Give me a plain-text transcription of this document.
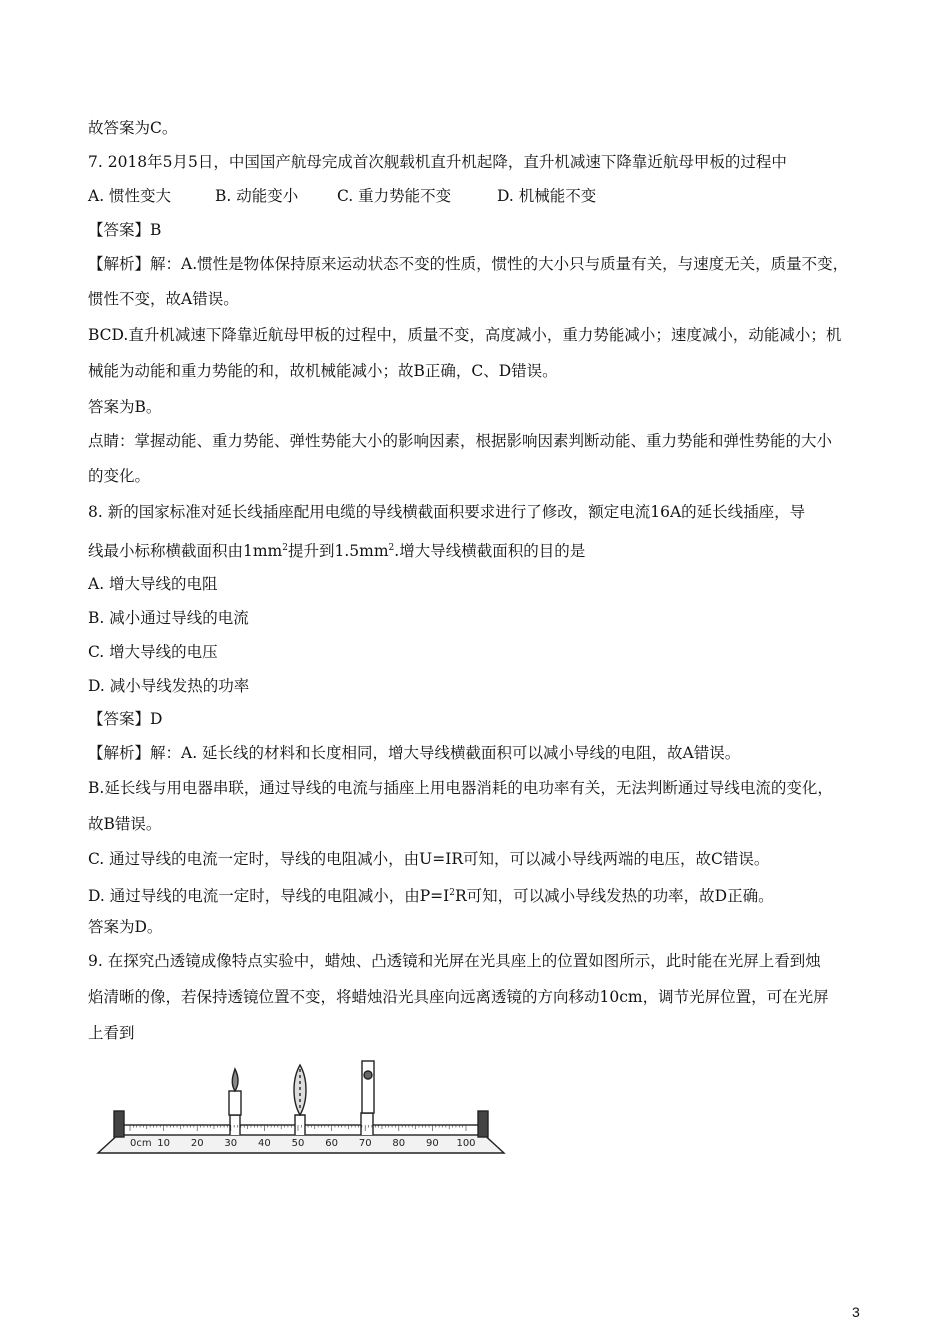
故答案为C。
7. 2018年5月5日，中国国产航母完成首次舰载机直升机起降，直升机减速下降靠近航母甲板的过程中
A. 惯性变大	B. 动能变小	C. 重力势能不变	D. 机械能不变
【答案】B
【解析】解：A.惯性是物体保持原来运动状态不变的性质，惯性的大小只与质量有关，与速度无关，质量不变，
惯性不变，故A错误。
BCD.直升机减速下降靠近航母甲板的过程中，质量不变，高度减小，重力势能减小；速度减小，动能减小；机
械能为动能和重力势能的和，故机械能减小；故B正确，C、D错误。
答案为B。
点睛：掌握动能、重力势能、弹性势能大小的影响因素，根据影响因素判断动能、重力势能和弹性势能的大小
的变化。
8. 新的国家标准对延长线插座配用电缆的导线横截面积要求进行了修改，额定电流16A的延长线插座，导
线最小标称横截面积由$1mm^2$提升到$1.5mm^2$.增大导线横截面积的目的是
A. 增大导线的电阻
B. 减小通过导线的电流
C. 增大导线的电压
D. 减小导线发热的功率
【答案】D
【解析】解：A. 延长线的材料和长度相同，增大导线横截面积可以减小导线的电阻，故A错误。
B.延长线与用电器串联，通过导线的电流与插座上用电器消耗的电功率有关，无法判断通过导线电流的变化，
故B错误。
C. 通过导线的电流一定时，导线的电阻减小，由U=IR可知，可以减小导线两端的电压，故C错误。
D. 通过导线的电流一定时，导线的电阻减小，由$P=I^2R$可知，可以减小导线发热的功率，故D正确。
答案为D。
9. 在探究凸透镜成像特点实验中，蜡烛、凸透镜和光屏在光具座上的位置如图所示，此时能在光屏上看到烛
焰清晰的像，若保持透镜位置不变，将蜡烛沿光具座向远离透镜的方向移动10cm，调节光屏位置，可在光屏
上看到
0cm 10 20 30 40 50 60 70 80 90 100
3
